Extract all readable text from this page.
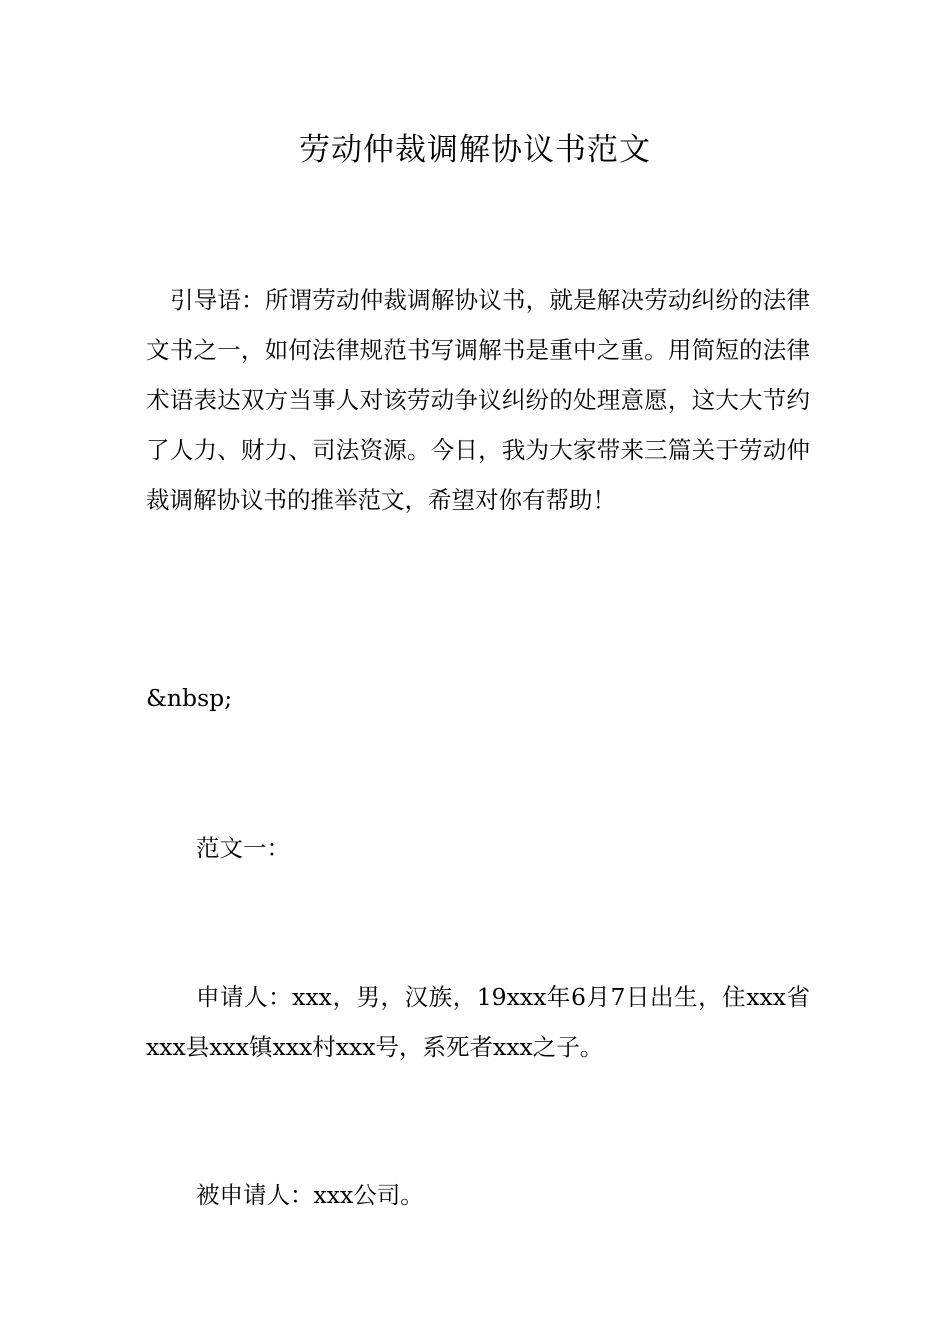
劳动仲裁调解协议书范文
引导语：所谓劳动仲裁调解协议书，就是解决劳动纠纷的法律文书之一，如何法律规范书写调解书是重中之重。用简短的法律术语表达双方当事人对该劳动争议纠纷的处理意愿，这大大节约了人力、财力、司法资源。今日，我为大家带来三篇关于劳动仲裁调解协议书的推举范文，希望对你有帮助！
&nbsp;
范文一：
申请人：xxx，男，汉族，19xxx年6月7日出生，住xxx省xxx县xxx镇xxx村xxx号，系死者xxx之子。
被申请人：xxx公司。
